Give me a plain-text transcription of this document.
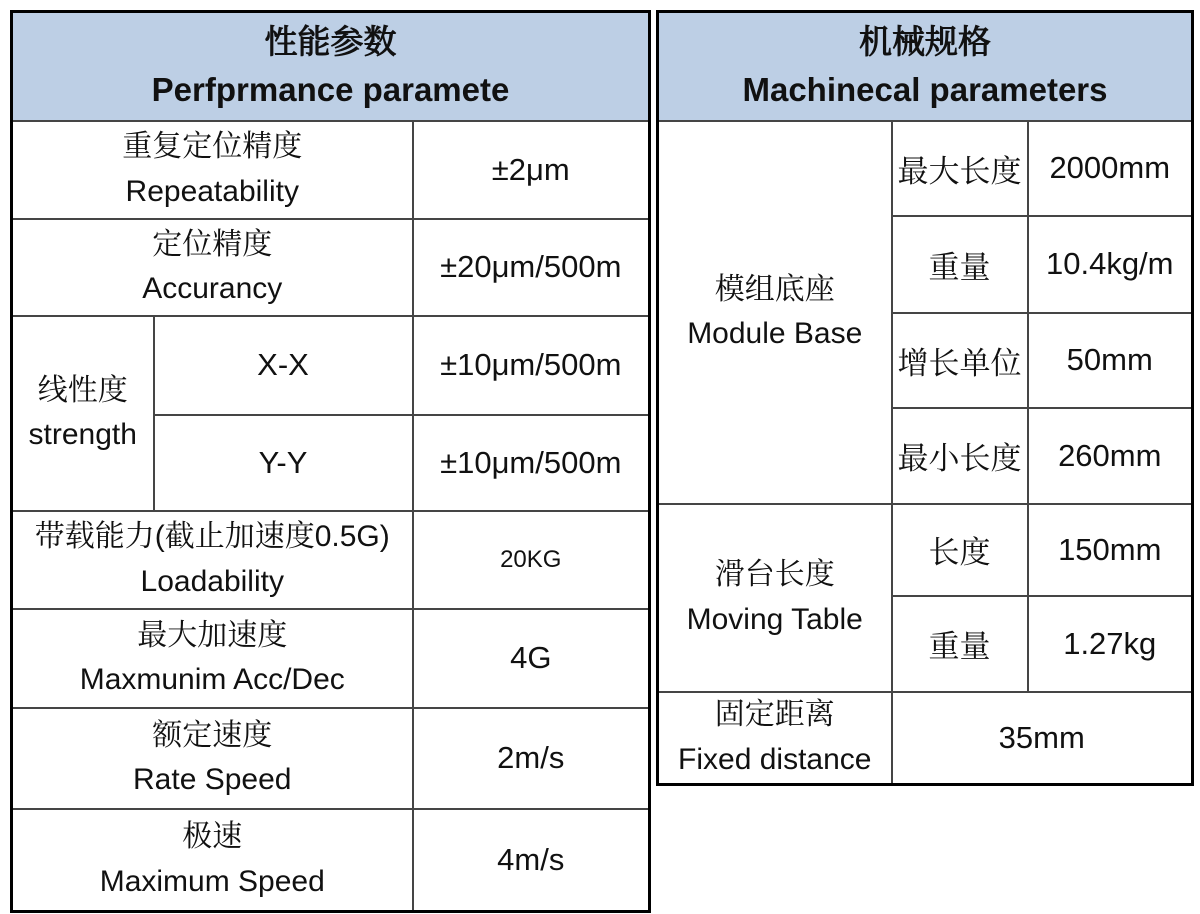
性能参数
Perfprmance paramete		

重复定位精度
Repeatability		±2μm

定位精度
Accurancy		±20μm/500m

线性度
strength	X-X	±10μm/500m
	Y-Y	±10μm/500m

带载能力(截止加速度0.5G)
Loadability		20KG

最大加速度
Maxmunim Acc/Dec		4G

额定速度
Rate Speed		2m/s

极速
Maximum Speed		4m/s
机械规格
Machinecal parameters		

模组底座
Module Base	最大长度	2000mm
	重量	10.4kg/m
	增长单位	50mm
	最小长度	260mm

滑台长度
Moving Table	长度	150mm
	重量	1.27kg

固定距离
Fixed distance	35mm	
